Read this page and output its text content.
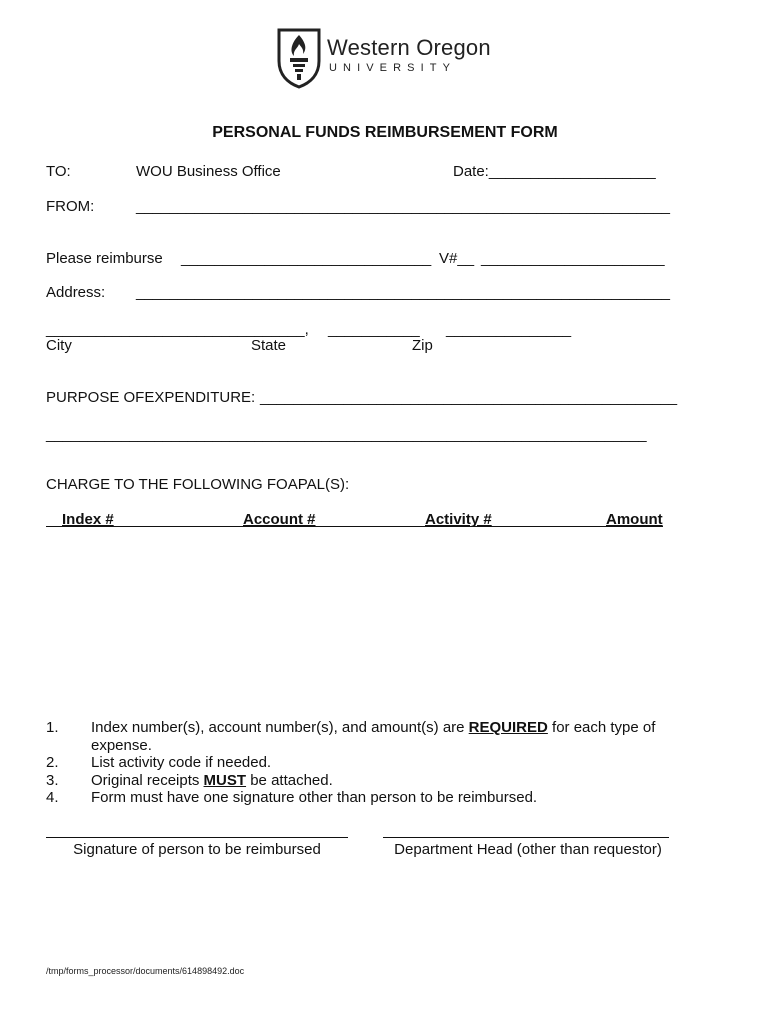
Western Oregon
UNIVERSITY
PERSONAL FUNDS REIMBURSEMENT FORM
TO:	WOU Business Office	Date:____________________
FROM:	________________________________________________________________
Please reimburse ______________________________ V#__ ______________________
Address: ________________________________________________________________
_______________________________, ___________ _______________
City	State	Zip
PURPOSE OFEXPENDITURE: __________________________________________________
________________________________________________________________________
CHARGE TO THE FOLLOWING FOAPAL(S):
Index #	Account #	Activity #	Amount
1. Index number(s), account number(s), and amount(s) are REQUIRED for each type of expense.
2. List activity code if needed.
3. Original receipts MUST be attached.
4. Form must have one signature other than person to be reimbursed.
Signature of person to be reimbursed	Department Head (other than requestor)
/tmp/forms_processor/documents/614898492.doc
